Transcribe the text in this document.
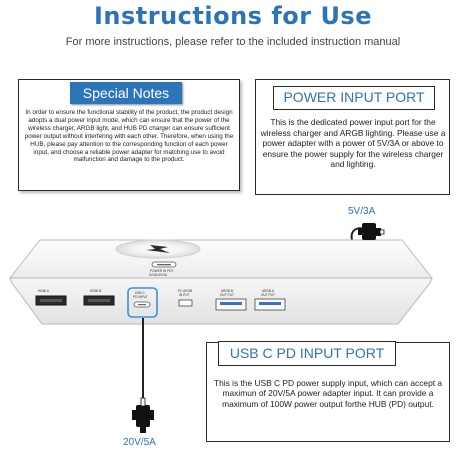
Instructions for Use
For more instructions, please refer to the included instruction manual
Special Notes
In order to ensure the functional stability of the product, the product design adopts a dual power input mode, which can ensure that the power of the wireless charger, ARGB light, and HUB PD charger can ensure sufficient power output without interfering with each other. Therefore, when using the HUB, please pay attention to the corresponding function of each power input, and choose a reliable power adapter for matching use to avoid malfunction and damage to the product.
POWER INPUT PORT
This is the dedicated power input port for the wireless charger and ARGB lighting. Please use a power adapter with a power of 5V/3A or above to ensure the power supply for the wireless charger and lighting.
POWER IN PUT
5V/3A 5V/3A
HDMI A	HDMI B	USB C
PD INPUT
PC ARGB
IN PUT
ARGB B
OUT PUT
ARGB A
OUT PUT
5V/3A
USB C PD INPUT PORT
This is the USB C PD power supply input, which can accept a maximun of 20V/5A power adapter input. It can provide a maximum of 100W power output forthe HUB (PD) output.
20V/5A
